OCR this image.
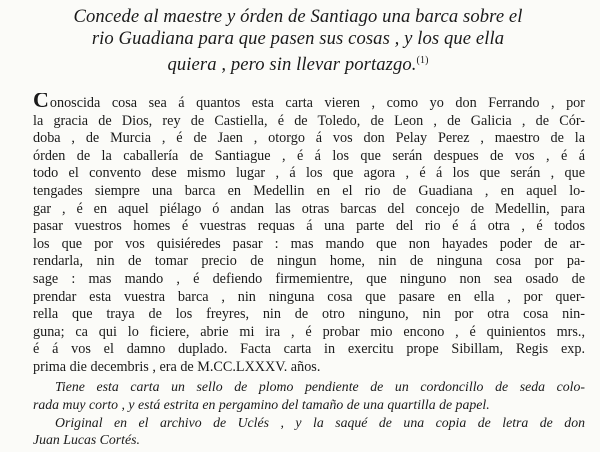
Concede al maestre y órden de Santiago una barca sobre el
rio Guadiana para que pasen sus cosas , y los que ella
quiera , pero sin llevar portazgo.$^{(1)}$
Conoscida cosa sea á quantos esta carta vieren , como yo don Ferrando , por
la gracia de Dios, rey de Castiella, é de Toledo, de Leon , de Galicia , de Cór-
doba , de Murcia , é de Jaen , otorgo á vos don Pelay Perez , maestro de la
órden de la caballería de Santiague , é á los que serán despues de vos , é á
todo el convento dese mismo lugar , á los que agora , é á los que serán , que
tengades siempre una barca en Medellin en el rio de Guadiana , en aquel lo-
gar , é en aquel piélago ó andan las otras barcas del concejo de Medellin, para
pasar vuestros homes é vuestras requas á una parte del rio é á otra , é todos
los que por vos quisiéredes pasar : mas mando que non hayades poder de ar-
rendarla, nin de tomar precio de ningun home, nin de ninguna cosa por pa-
sage : mas mando , é defiendo firmemientre, que ninguno non sea osado de
prendar esta vuestra barca , nin ninguna cosa que pasare en ella , por quer-
rella que traya de los freyres, nin de otro ninguno, nin por otra cosa nin-
guna; ca qui lo ficiere, abrie mi ira , é probar mio encono , é quinientos mrs.,
é á vos el damno duplado. Facta carta in exercitu prope Sibillam, Regis exp.
prima die decembris , era de M.CC.LXXXV. años.
Tiene esta carta un sello de plomo pendiente de un cordoncillo de seda colo-
rada muy corto , y está estrita en pergamino del tamaño de una quartilla de papel.
Original en el archivo de Uclés , y la saqué de una copia de letra de don
Juan Lucas Cortés.
